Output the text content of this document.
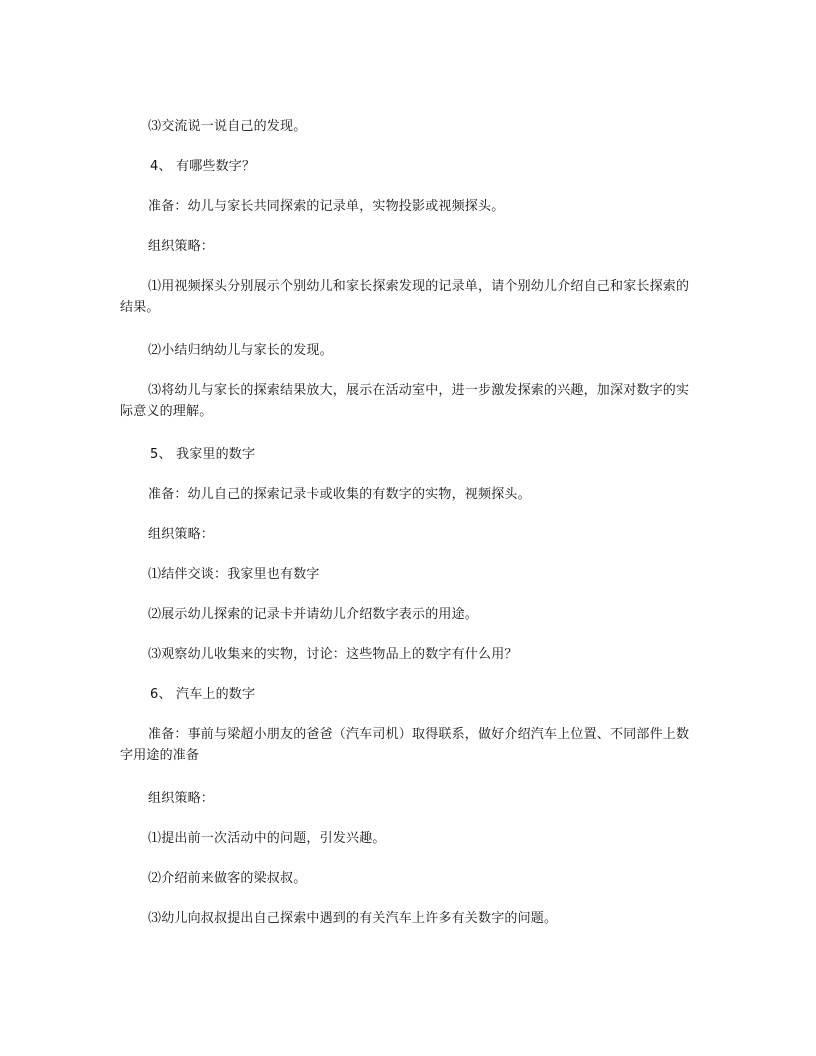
⑶交流说一说自己的发现。
4、 有哪些数字？
准备：幼儿与家长共同探索的记录单，实物投影或视频探头。
组织策略：
⑴用视频探头分别展示个别幼儿和家长探索发现的记录单，请个别幼儿介绍自己和家长探索的结果。
⑵小结归纳幼儿与家长的发现。
⑶将幼儿与家长的探索结果放大，展示在活动室中，进一步激发探索的兴趣，加深对数字的实际意义的理解。
5、 我家里的数字
准备：幼儿自己的探索记录卡或收集的有数字的实物，视频探头。
组织策略：
⑴结伴交谈：我家里也有数字
⑵展示幼儿探索的记录卡并请幼儿介绍数字表示的用途。
⑶观察幼儿收集来的实物，讨论：这些物品上的数字有什么用？
6、 汽车上的数字
准备：事前与梁超小朋友的爸爸（汽车司机）取得联系，做好介绍汽车上位置、不同部件上数字用途的准备
组织策略：
⑴提出前一次活动中的问题，引发兴趣。
⑵介绍前来做客的梁叔叔。
⑶幼儿向叔叔提出自己探索中遇到的有关汽车上许多有关数字的问题。
